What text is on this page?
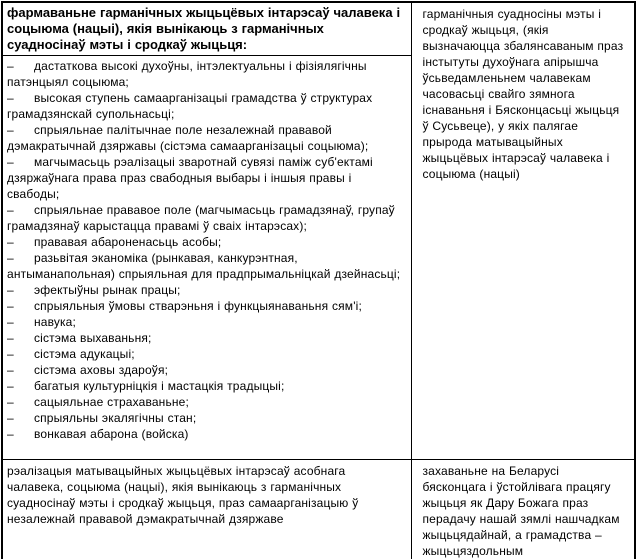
фармаваньне гарманічных жыцьцёвых інтарэсаў чалавека і соцыюма (нацыі), якія вынікаюць з гарманічных суадносінаў мэты і сродкаў жыцьця:	гарманічныя суадносіны мэты і сродкаў жыцьця, (якія вызначаюцца збалянсаваным праз інстытуты духоўнага апірышча ўсьведамленьнем чалавекам часовасьці свайго зямнога існаваньня і Бясконцасьці жыцьця ў Сусьвеце), у якіх палягае прырода матывацыйных жыцьцёвых інтарэсаў чалавека і соцыюма (нацыі)

– дастаткова высокі духоўны, інтэлектуальны і фізіялягічны патэнцыял соцыюма;
– высокая ступень самаарганізацыі грамадства ў структурах грамадзянскай супольнасьці;
– спрыяльнае палітычнае поле незалежнай прававой дэмакратычнай дзяржавы (сістэма самаарганізацыі соцыюма);
– магчымасьць рэалізацыі зваротнай сувязі паміж суб'ектамі дзяржаўнага права праз свабодныя выбары і іншыя правы і свабоды;
– спрыяльнае прававое поле (магчымасьць грамадзянаў, групаў грамадзянаў карыстацца правамі ў сваіх інтарэсах);
– прававая абароненасьць асобы;
– разьвітая эканоміка (рынкавая, канкурэнтная, антыманапольная) спрыяльная для прадпрымальніцкай дзейнасьці;
– эфектыўны рынак працы;
– спрыяльныя ўмовы стварэньня і функцыянаваньня сям'і;
– навука;
– сістэма выхаваньня;
– сістэма адукацыі;
– сістэма аховы здароўя;
– багатыя культурніцкія і мастацкія традыцыі;
– сацыяльнае страхаваньне;
– спрыяльны экалягічны стан;
– вонкавая абарона (войска)

рэалізацыя матывацыйных жыцьцёвых інтарэсаў асобнага чалавека, соцыюма (нацыі), якія вынікаюць з гарманічных суадносінаў мэты і сродкаў жыцьця, праз самаарганізацыю ў незалежнай прававой дэмакратычнай дзяржаве	захаваньне на Беларусі бясконцага і ўстойлівага працягу жыцьця як Дару Божага праз перадачу нашай зямлі нашчадкам жыцьцядайнай, а грамадства – жыцьцяздольным
